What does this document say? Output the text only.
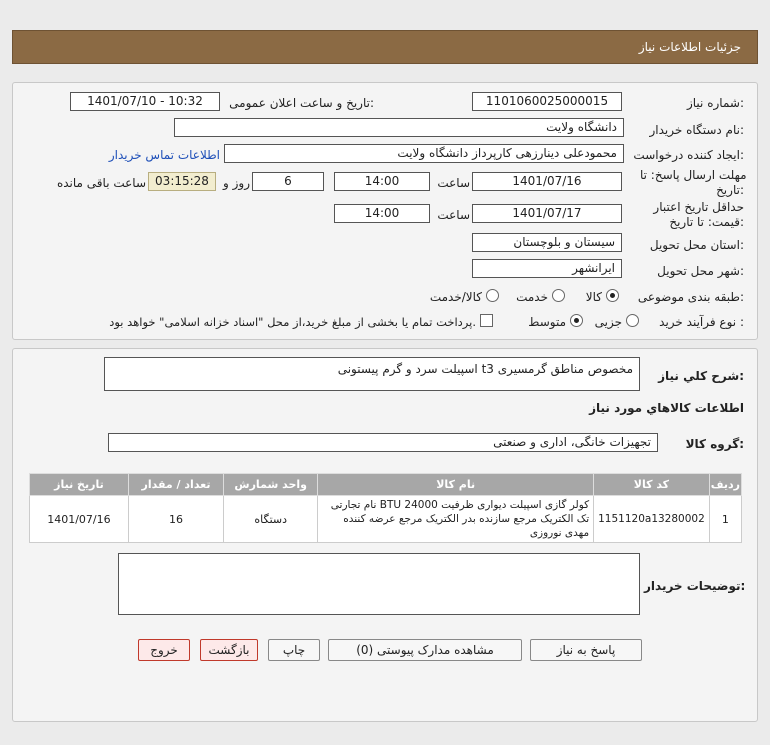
جزئیات اطلاعات نیاز
شماره نیاز:
1101060025000015
تاریخ و ساعت اعلان عمومی:
1401/07/10 - 10:32
نام دستگاه خریدار:
دانشگاه ولایت
ایجاد کننده درخواست:
محمودعلی دینارزهی کارپرداز دانشگاه ولایت
اطلاعات تماس خریدار
مهلت ارسال پاسخ: تا
تاریخ:
1401/07/16
ساعت
14:00
6
روز و
03:15:28
ساعت باقی مانده
حداقل تاریخ اعتبار
قیمت: تا تاریخ:
1401/07/17
ساعت
14:00
استان محل تحویل:
سیستان و بلوچستان
شهر محل تحویل:
ایرانشهر
طبقه بندی موضوعی:
کالا
خدمت
کالا/خدمت
نوع فرآیند خرید :
جزیی
متوسط
پرداخت تمام یا بخشی از مبلغ خرید،از محل "اسناد خزانه اسلامی" خواهد بود.
شرح کلي نياز:
اسپیلت سرد و گرم پیستونی t3 مخصوص مناطق گرمسیری
اطلاعات کالاهاي مورد نياز
گروه کالا:
تجهیزات خانگی، اداری و صنعتی
تاریخ نیاز	تعداد / مقدار	واحد شمارش	نام کالا	کد کالا	ردیف
1401/07/16	16	دستگاه	کولر گازی اسپیلت دیواری ظرفیت 24000 BTU نام تجارتی تک الکتریک مرجع سازنده بدر الکتریک مرجع عرضه کننده مهدی نوروزی	1151120a13280002	1
توضیحات خریدار:
پاسخ به نیاز
مشاهده مدارک پیوستی (0)
چاپ
بازگشت
خروج
